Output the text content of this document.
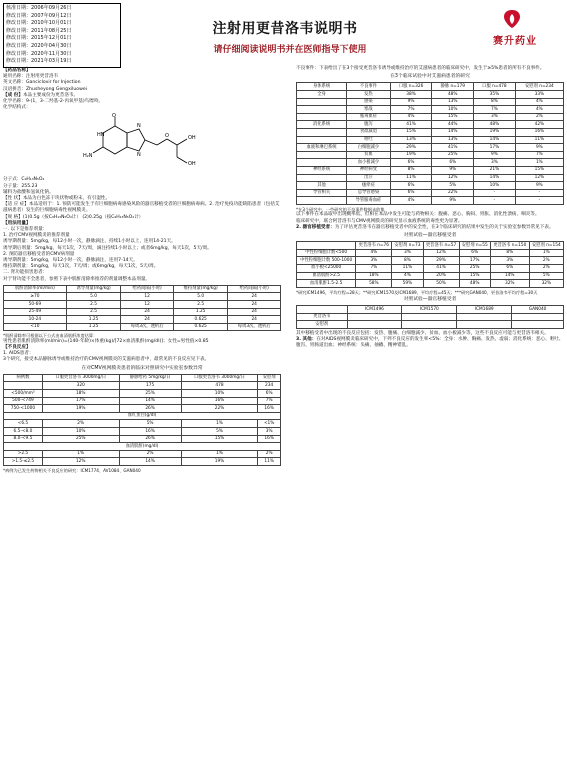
核准日期：2006年09月26日
修改日期：2007年09月12日
修改日期：2010年10月01日
修改日期：2011年08月25日
修改日期：2015年12月01日
修改日期：2020年04月30日
修改日期：2020年11月30日
修改日期：2021年03月19日
注射用更昔洛韦说明书
请仔细阅读说明书并在医师指导下使用
赛升药业

【药品名称】

通用名称：注射用更昔洛韦

英文名称：Ganciclovir for Injection

汉语拼音：Zhusheyong Gengxiluowei

【成 份】本品主要成份为更昔洛韦。

化学名称：9-(1，3-二羟基-2-丙氧甲基)鸟嘌呤。

化学结构式：

O
HN
H₂N
N
N
O	OH
OH

分子式：C₉H₁₃N₅O₄

分子量：255.23

辅料为盐酸和氢氧化钠。

【性 状】本品为白色冻干块状物或粉末，有引湿性。

【适 应 症】本品适用于：1. 预防可能发生于有巨细胞病毒感染风险的器官移植受者的巨细胞病毒病。2. 治疗免疫功能缺陷患者（包括艾滋病患者）发生的巨细胞病毒性视网膜炎。

【规 格】(1)0.5g（按C₉H₁₃N₅O₄计） (2)0.25g（按C₉H₁₃N₅O₄计）

【用法用量】

一. 以下是推荐剂量：

1. 治疗CMV视网膜炎的推荐剂量

诱导期剂量：5mg/kg，每12小时一次，静脉滴注，持续1小时以上，连用14-21天。

诱导期后剂量：5mg/kg，每天1次，7天/周，滴注持续1小时以上；或者6mg/kg，每天1次，5天/周。

2. 预防器官移植受者的CMV病剂量

诱导期剂量：5mg/kg，每12小时一次，静脉滴注，连用7-14天。

维持期剂量：5mg/kg，每天1次，7天/周；或6mg/kg，每天1次，5天/周。

二. 肾功能损害患者：

对于肾功能不全患者，参照下表中肌酐清除率推荐的剂量调整本品剂量。

肌酐清除率(ml/min)	诱导剂量(mg/kg)	给药间隔(小时)	维持剂量(mg/kg)	给药间隔(小时)
≥70	5.0	12	5.0	24
50-69	2.5	12	2.5	24
25-49	2.5	24	1.25	24
10-24	1.25	24	0.625	24
<10	1.25	每周3次，透析后	0.625	每周3次，透析后

*肌酐清除率可根据以下公式由血清肌酐浓度估算：

男性患者肌酐清除率(ml/min)=(140-年龄)×体重(kg)/[72×血清肌酐(mg/dl)]；女性=男性值×0.85

【不良反应】

1. AIDS患者：

3个研究，接受本品静脉诱导或维持治疗的CMV视网膜炎的艾滋病患者中，最常见的不良反应见下表。

在对CMV视网膜炎患者的临床对照研究中实验室参数异常
病例数	口服更昔洛韦 3000mg/日	静脉给药 5mg/kg/日	口服更昔洛韦 3000mg/日	安慰剂
	320	175	478	234
<500/mm³	18%	25%	10%	6%
500-<749	17%	14%	16%	7%
750-<1000	19%	26%	22%	16%
血红蛋白(g/dl)				
<6.5	2%	5%	1%	<1%
6.5-<8.0	10%	16%	5%	3%
8.0-<9.5	25%	26%	15%	16%
血清肌酐(mg/dl)				
>2.5	1%	2%	1%	2%
>1.5-≤2.5	12%	14%	19%	11%

*病例为已发生药物相关不良反应的研究：ICM1774、AV1084、GAN040

不良事件：下表给出了在3个接受更昔洛韦诱导或维持治疗的艾滋病患者的临床研究中，发生于≥5%患者的所有不良事件。

在3个临床试验中对艾滋病患者的研究
身体系统	不良事件	口服 n=326	静脉 n=179	口服 n=478	安慰剂 n=234
全身	发热	38%	48%	35%	33%
	感染	9%	13%	8%	4%
	寒战	7%	10%	7%	4%
	脓毒血症	4%	15%	3%	2%
消化系统	腹泻	41%	44%	48%	42%
	食欲减退	15%	14%	19%	16%
	呕吐	13%	13%	14%	11%
血液和淋巴系统	白细胞减少	29%	41%	17%	9%
	贫血	19%	25%	9%	7%
	血小板减少	6%	6%	3%	1%
神经系统	神经病变	8%	9%	21%	15%
	出汗	11%	12%	14%	12%
其他	瘙痒症	6%	5%	10%	9%
导管相关	总导管感染	6%	22%	-	-
	导管脓毒血症	4%	9%	-	-

*在3个研究中，一些研究的不良事件数据未收集

以下事件在本品取中出现概率低，但相在本品中发生可能与药物相关：腹痛、恶心、胸闷、胃胀、消化性溃疡、咽炎等。

临床研究中，联合阿昔洛韦与CMV视网膜炎的研究显示血液系统的毒性更为显著。

2. 器官移植受者：为了评估更昔洛韦在器官移植受者中的安全性，在3个临床研究的结果中发生的关于实验室参数异常见下表。

对照试验—器官移植受者
	更昔洛韦 n=76	安慰剂 n=73	更昔洛韦 n=57	安慰剂 n=55	更昔洛韦 n=150	安慰剂 n=154
中性粒细胞计数<500	4%	3%	12%	6%	8%	1%
中性粒细胞计数 500-1000	3%	8%	29%	17%	3%	2%
血小板<25000	7%	11%	41%	25%	6%	2%
血清肌酐>2.5	18%	4%	20%	15%	14%	5%
血清肌酐1.5-2.5	58%	59%	50%	48%	32%	32%

*研究ICM1496，平均疗程=28天；**研究ICM1570及ICM1689，平均疗程=45天；***研究GAN040，更昔洛韦平均疗程=30天

对照试验—器官移植受者
	ICM1496	ICM1570	ICM1689	GAN040
更昔洛韦				
安慰剂				

其中移植受者中出现的不良反应包括：发热、腹痛、白细胞减少、贫血、血小板减少等，这些不良反应可能与更昔洛韦相关。

3. 其他：在对AIDS视网膜炎临床研究中，下列不良反应的发生率<5%：全身：水肿、胸痛、发热、虚弱；消化系统：恶心、呕吐、腹泻、胃肠道出血；神经系统：头痛、抽搐、精神错乱。
